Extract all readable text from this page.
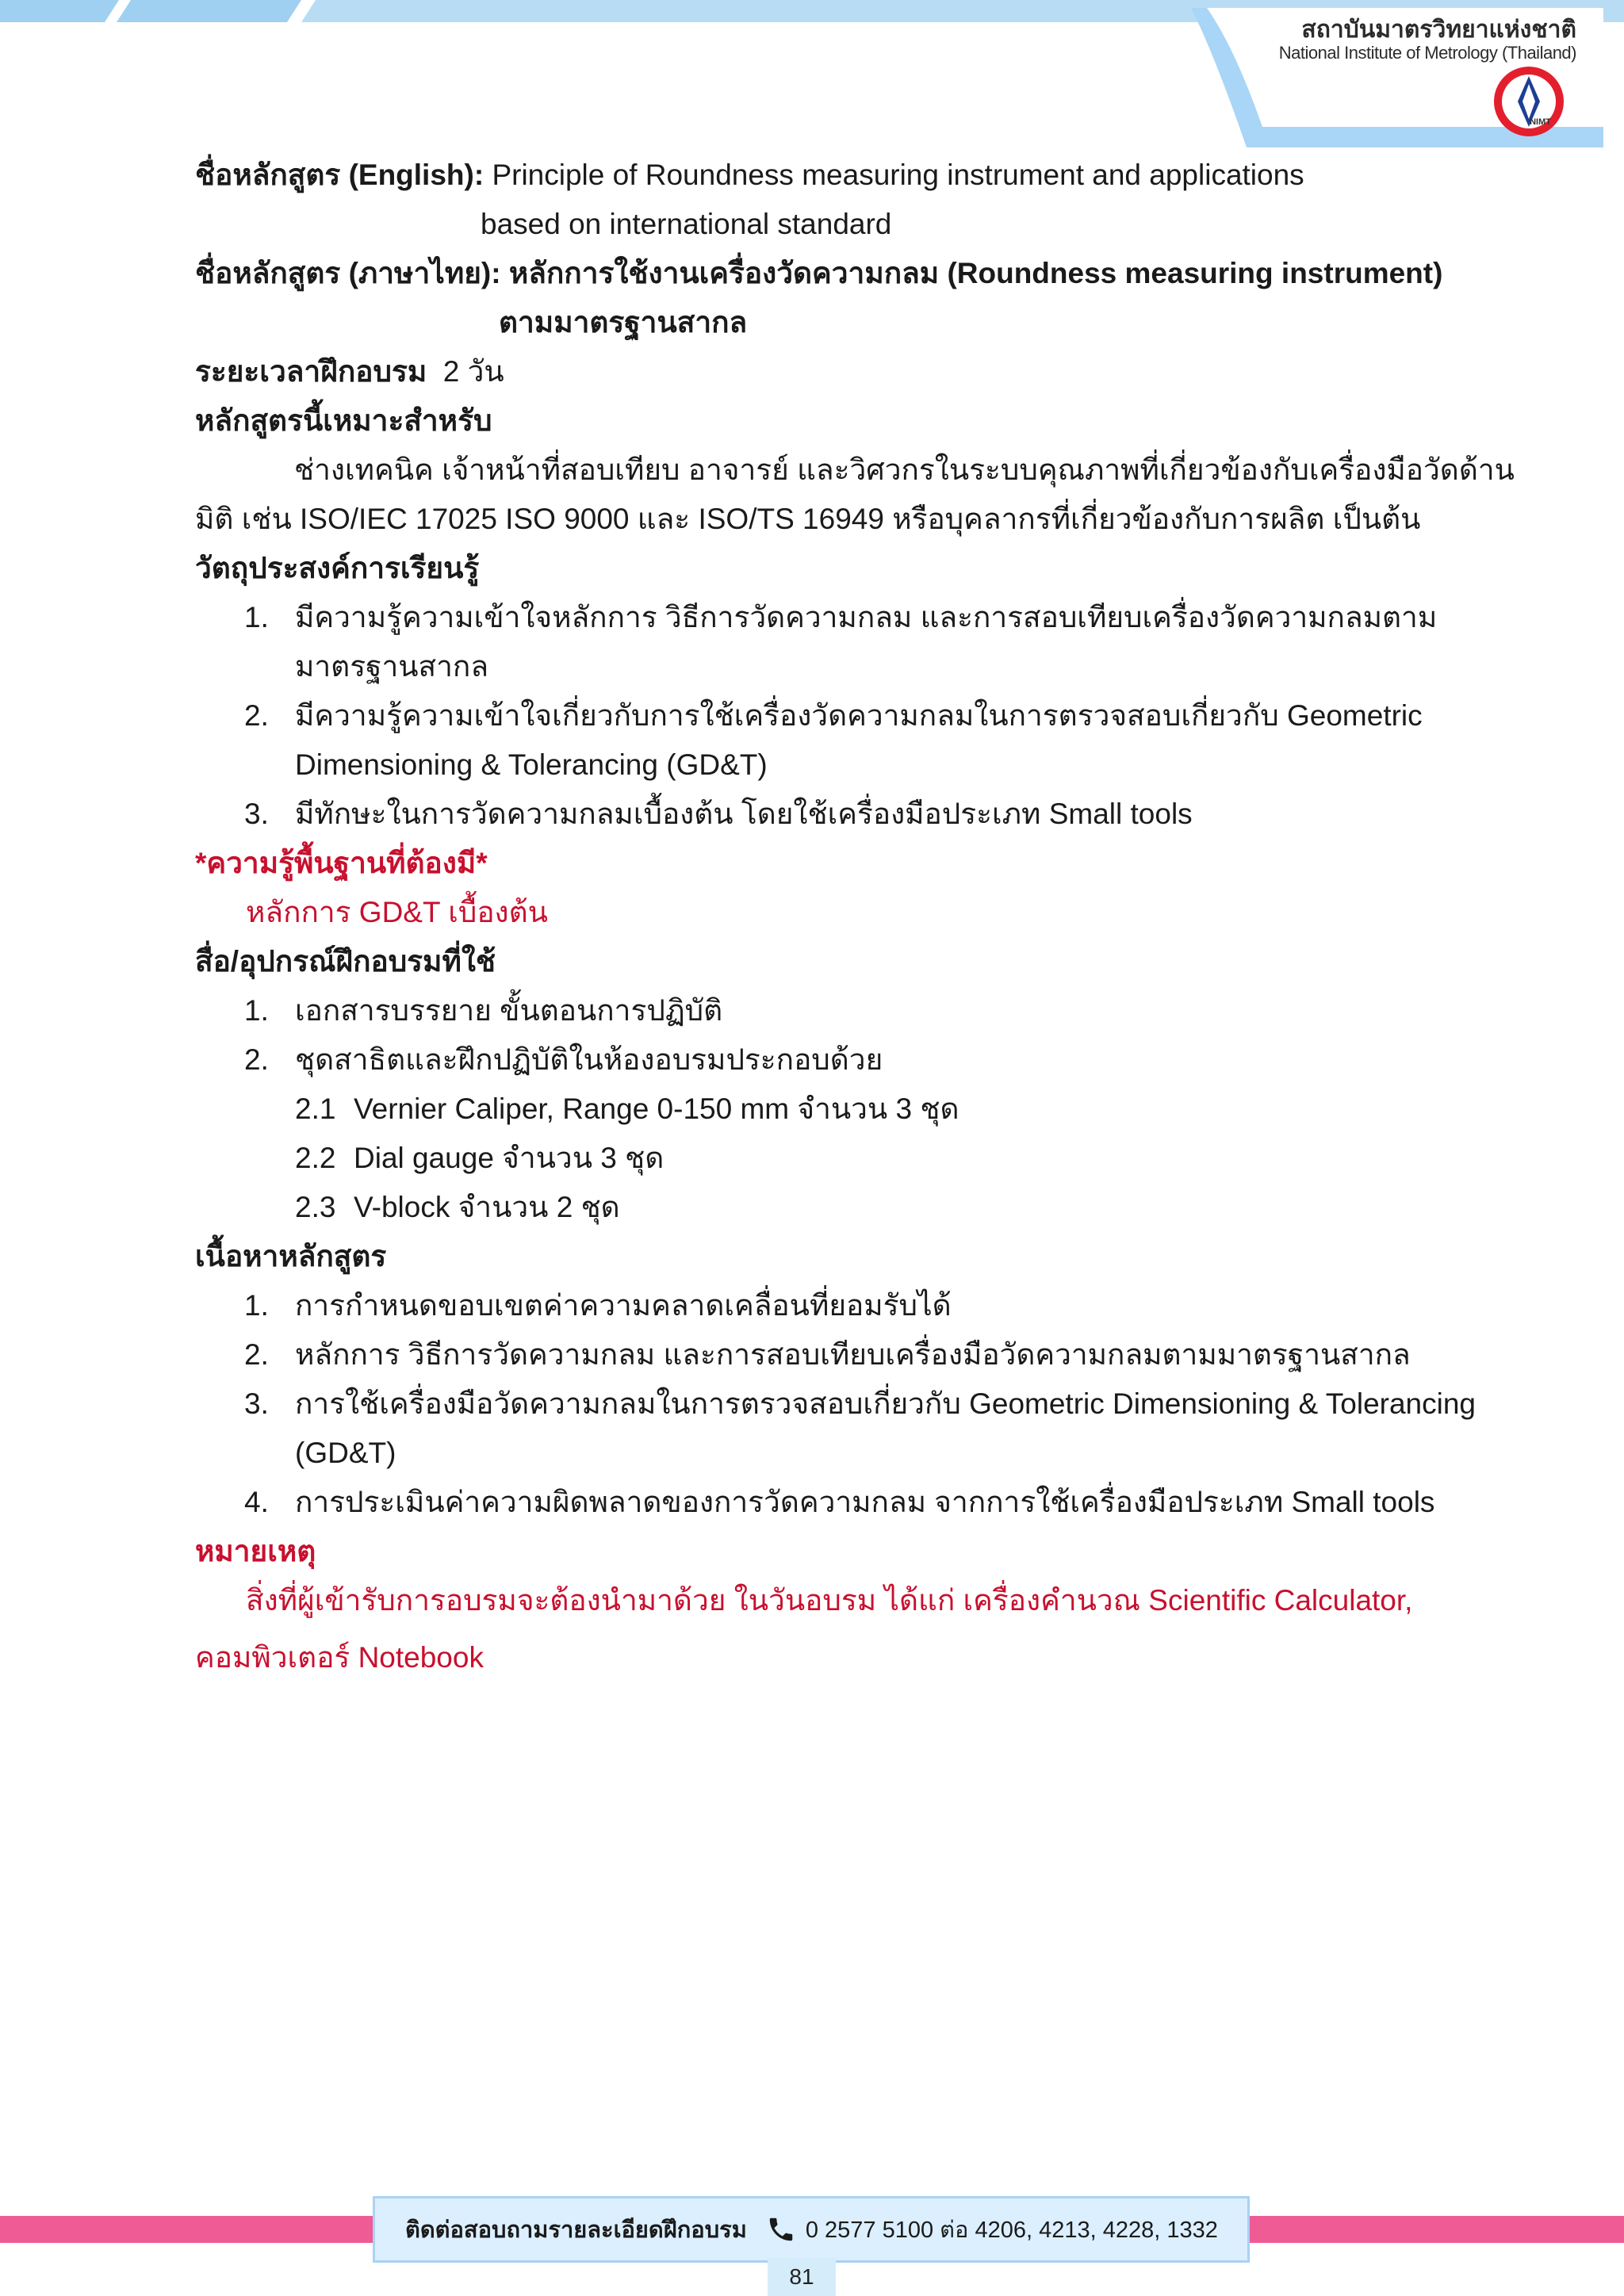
สถาบันมาตรวิทยาแห่งชาติ
National Institute of Metrology (Thailand)
NIMT
ชื่อหลักสูตร (English): Principle of Roundness measuring instrument and applications
based on international standard
ชื่อหลักสูตร (ภาษาไทย): หลักการใช้งานเครื่องวัดความกลม (Roundness measuring instrument)
ตามมาตรฐานสากล
ระยะเวลาฝึกอบรม 2 วัน
หลักสูตรนี้เหมาะสำหรับ
ช่างเทคนิค เจ้าหน้าที่สอบเทียบ อาจารย์ และวิศวกรในระบบคุณภาพที่เกี่ยวข้องกับเครื่องมือวัดด้าน
มิติ เช่น ISO/IEC 17025 ISO 9000 และ ISO/TS 16949 หรือบุคลากรที่เกี่ยวข้องกับการผลิต เป็นต้น
วัตถุประสงค์การเรียนรู้
1. มีความรู้ความเข้าใจหลักการ วิธีการวัดความกลม และการสอบเทียบเครื่องวัดความกลมตาม
มาตรฐานสากล
2. มีความรู้ความเข้าใจเกี่ยวกับการใช้เครื่องวัดความกลมในการตรวจสอบเกี่ยวกับ Geometric
Dimensioning & Tolerancing (GD&T)
3. มีทักษะในการวัดความกลมเบื้องต้น โดยใช้เครื่องมือประเภท Small tools
*ความรู้พื้นฐานที่ต้องมี*
หลักการ GD&T เบื้องต้น
สื่อ/อุปกรณ์ฝึกอบรมที่ใช้
1. เอกสารบรรยาย ขั้นตอนการปฏิบัติ
2. ชุดสาธิตและฝึกปฏิบัติในห้องอบรมประกอบด้วย
2.1 Vernier Caliper, Range 0-150 mm จำนวน 3 ชุด
2.2 Dial gauge จำนวน 3 ชุด
2.3 V-block จำนวน 2 ชุด
เนื้อหาหลักสูตร
1. การกำหนดขอบเขตค่าความคลาดเคลื่อนที่ยอมรับได้
2. หลักการ วิธีการวัดความกลม และการสอบเทียบเครื่องมือวัดความกลมตามมาตรฐานสากล
3. การใช้เครื่องมือวัดความกลมในการตรวจสอบเกี่ยวกับ Geometric Dimensioning & Tolerancing
(GD&T)
4. การประเมินค่าความผิดพลาดของการวัดความกลม จากการใช้เครื่องมือประเภท Small tools
หมายเหตุ
สิ่งที่ผู้เข้ารับการอบรมจะต้องนำมาด้วย ในวันอบรม ได้แก่ เครื่องคำนวณ Scientific Calculator,
คอมพิวเตอร์ Notebook
ติดต่อสอบถามรายละเอียดฝึกอบรม	0 2577 5100 ต่อ 4206, 4213, 4228, 1332
81
